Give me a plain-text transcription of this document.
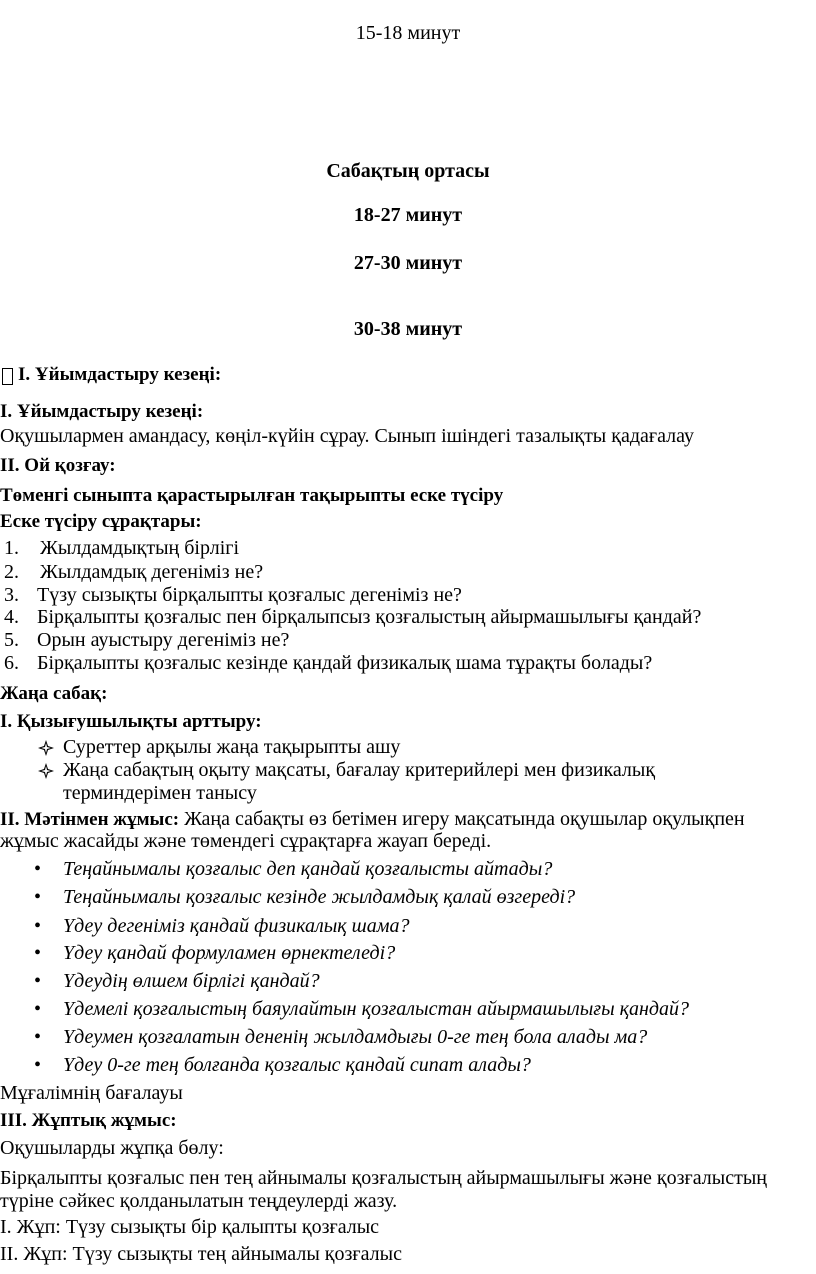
15-18 минут
Сабақтың ортасы
18-27 минут
27-30 минут
30-38 минут
I. Ұйымдастыру кезеңі:
I. Ұйымдастыру кезеңі:
Оқушылармен амандасу, көңіл-күйін сұрау. Сынып ішіндегі тазалықты қадағалау
II. Ой қозғау:
Төменгі сыныпта қарастырылған тақырыпты еске түсіру
Еске түсіру сұрақтары:
1. Жылдамдықтың бірлігі
2. Жылдамдық дегеніміз не?
3. Түзу сызықты бірқалыпты қозғалыс дегеніміз не?
4. Бірқалыпты қозғалыс пен бірқалыпсыз қозғалыстың айырмашылығы қандай?
5. Орын ауыстыру дегеніміз не?
6. Бірқалыпты қозғалыс кезінде қандай физикалық шама тұрақты болады?
Жаңа сабақ:
I. Қызығушылықты арттыру:
Суреттер арқылы жаңа тақырыпты ашу
Жаңа сабақтың оқыту мақсаты, бағалау критерийлері мен физикалық
терминдерімен танысу
II. Мәтінмен жұмыс: Жаңа сабақты өз бетімен игеру мақсатында оқушылар оқулықпен
жұмыс жасайды және төмендегі сұрақтарға жауап береді.
• Теңайнымалы қозғалыс деп қандай қозғалысты айтады?
• Теңайнымалы қозғалыс кезінде жылдамдық қалай өзгереді?
• Үдеу дегеніміз қандай физикалық шама?
• Үдеу қандай формуламен өрнектеледі?
• Үдеудің өлшем бірлігі қандай?
• Үдемелі қозғалыстың баяулайтын қозғалыстан айырмашылығы қандай?
• Үдеумен қозғалатын дененің жылдамдығы 0-ге тең бола алады ма?
• Үдеу 0-ге тең болғанда қозғалыс қандай сипат алады?
Мұғалімнің бағалауы
III. Жұптық жұмыс:
Оқушыларды жұпқа бөлу:
Бірқалыпты қозғалыс пен тең айнымалы қозғалыстың айырмашылығы және қозғалыстың
түріне сәйкес қолданылатын теңдеулерді жазу.
І. Жұп: Түзу сызықты бір қалыпты қозғалыс
ІІ. Жұп: Түзу сызықты тең айнымалы қозғалыс
